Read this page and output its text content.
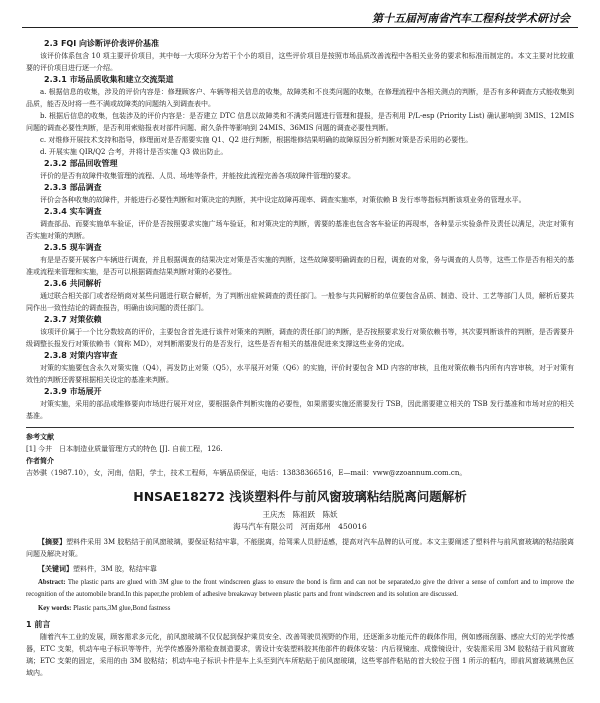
第十五届河南省汽车工程科技学术研讨会

2.3 FQI 向诊断评价表评价基准

该评价体系包含 10 项主要评价项目，其中每一大项环分为若干个小的项目，这些评价项目是按照市场品质改善流程中各相关业务的要求和标准而制定的。本文主要对比较重要的评价项目进行逐一介绍。

2.3.1 市场品质收集和建立交流渠道

a. 根据信息的收集，涉及的评价内容是：修理顾客户、车辆等相关信息的收集，故障类和不良类问题的收集，在修理流程中各相关测点的判断，是否有多种调查方式能收集到品质，能否及时将一些不满或故障类的问题纳入到调查表中。

b. 根据后信息的收集，包装涉及的评价内容是：是否建立 DTC 信息以故障类和不满类问题进行管理和提报，是否利用 P/L-esp (Priority List) 确认影响到 3MIS、12MIS 问题的调查必要性判断，是否利用索赔报表对部件问题、耐久条件等影响到 24MIS、36MIS 问题的调查必要性判断。

c. 对维修开展技术支持和指导，修理面对是否需要实施 Q1、Q2 进行判断，根据维修结果明确的故障原因分析判断对策是否采用的必要性。

d. 开展实施 QIR/Q2 合考，并将计是否实施 Q3 做出防止。

2.3.2 部品回收管理

评价的是否有故障件收集管理的流程、人员、场地等条件，并能按此流程完善各项故障件管理的要求。

2.3.3 部品调查

评价会各种收集的故障件，并能进行必要性判断和对策决定的判断，其中设定故障再现率、调查实施率，对策依赖 B 发行率等指标判断该项业务的管理水平。

2.3.4 实车调查

调查部品、而要实施单车验证，评价是否按照要求实施广场车验证，和对策决定的判断，需要的基准也包含客车验证的再现率，各种显示实验条件及责任以满足，决定对策有否实施对策的判断。

2.3.5 现车调查

有是是否要开展客户车辆进行调查，并且根据调查的结果决定对策是否实施的判断，这些故障要明确调查的日程，调查的对象，务与调查的人员等，这些工作是否有相关的基准或流程来管理和实施，是否可以根据调查结果判断对策的必要性。

2.3.6 共同解析

通过联合相关部门或者经销商对某些问题进行联合解析，为了判断出症候调查的责任部门。一般参与共同解析的单位要包含品质、制造、设计、工艺等部门人员，解析后要共同作出一致性结论的调查报告，明确由该问题的责任部门。

2.3.7 对策依赖

该项评价属于一个比分数较高的评价，主要包含首先进行该件对策来的判断，调查的责任部门的判断，是否按照要求发行对策依赖书等，其次要判断该件的判断，是否需要升级调整长报发行对策依赖书（简称 MD），对判断需要发行的是否发行，这些是否有相关的基准促进来支撑这些业务的完成。

2.3.8 对策内容审查

对策的实施要包含永久对策实施（Q4），再发防止对策（Q5），水平展开对策（Q6）的实施，评价时要包含 MD 内容的审核，且他对策依赖书内所有内容审核，对于对策有效性的判断还需要根据相关设定的基准来判断。

2.3.9 市场展开

对策实施，采用的部品或维修要向市场进行展开对应，要根据条件判断实施的必要性，如果需要实施还需要发行 TSB，因此需要建立相关的 TSB 发行基准和市场对应的相关基准。

参考文献

[1] 今井　日本制造业质量管理方式的特色 [J]. 自前工程，126.

作者简介

吉妙骐（1987.10），女，河南，信阳，学士，技术工程师，车辆品质保证，电话：13838366516，E—mail：vww@zzoannum.com.cn。

HNSAE18272 浅谈塑料件与前风窗玻璃粘结脱离问题解析

王庆杰　陈祖跃　陈妖

海马汽车有限公司　河南郑州　450016

【摘要】塑料件采用 3M 胶粘结于前风窗玻璃，要保证粘结牢靠，不能脱离，给驾乘人员舒适感，提高对汽车品牌的认可度。本文主要阐述了塑料件与前风窗玻璃的粘结脱离问题及解决对策。

【关键词】塑料件，3M 胶，粘结牢靠

Abstract: The plastic parts are glued with 3M glue to the front windscreen glass to ensure the bond is firm and can not be separated,to give the driver a sense of comfort and to improve the recognition of the automobile brand.In this paper,the problem of adhesive breakaway between plastic parts and front windscreen and its solution are discussed.

Key words: Plastic parts,3M glue,Bond fastness

1 前言

随着汽车工业的发展，顾客需求多元化，前风窗玻璃不仅仅起到保护乘员安全、改善驾驶员视野的作用，还逐渐多功能元件的载体作用，例如感雨刮器、感应大灯的光学传感器，ETC 支架，机动车电子标识等等件，光学传感器外需检查制造要求，需设计安装塑料胶其他部件的载体安装：内后视镜座、成像镜设计，安装需采用 3M 胶粘结于前风窗玻璃；ETC 支架的固定，采用的由 3M 胶粘结；机动车电子标识卡件是车上头至到汽车所粘贴于前风窗玻璃，这些零部件粘贴的首大较位于图 1 所示的框内，即前风窗玻璃黑色区域内。
